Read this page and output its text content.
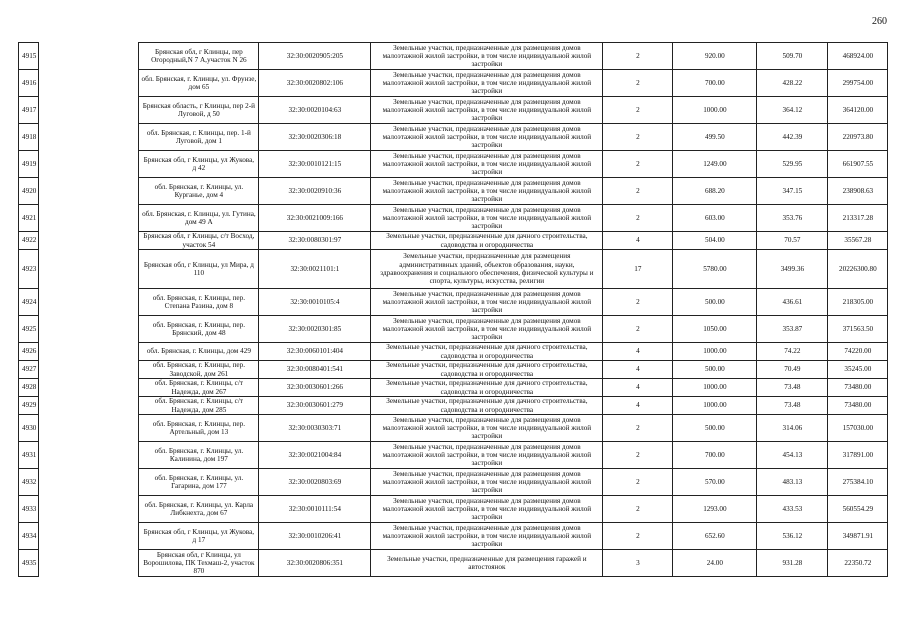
260
4915		Брянская обл, г Клинцы, пер Огородный,N 7 А,участок N 26	32:30:0020905:205	Земельные участки, предназначенные для размещения домов малоэтажной жилой застройки, в том числе индивидуальной жилой застройки	2	920.00	509.70	468924.00
4916		обл. Брянская, г. Клинцы, ул. Фрунзе, дом 65	32:30:0020802:106	Земельные участки, предназначенные для размещения домов малоэтажной жилой застройки, в том числе индивидуальной жилой застройки	2	700.00	428.22	299754.00
4917		Брянская область, г Клинцы, пер 2-й Луговой, д 50	32:30:0020104:63	Земельные участки, предназначенные для размещения домов малоэтажной жилой застройки, в том числе индивидуальной жилой застройки	2	1000.00	364.12	364120.00
4918		обл. Брянская, г. Клинцы, пер. 1-й Луговой, дом 1	32:30:0020306:18	Земельные участки, предназначенные для размещения домов малоэтажной жилой застройки, в том числе индивидуальной жилой застройки	2	499.50	442.39	220973.80
4919		Брянская обл, г Клинцы, ул Жукова, д 42	32:30:0010121:15	Земельные участки, предназначенные для размещения домов малоэтажной жилой застройки, в том числе индивидуальной жилой застройки	2	1249.00	529.95	661907.55
4920		обл. Брянская, г. Клинцы, ул. Курганье, дом 4	32:30:0020910:36	Земельные участки, предназначенные для размещения домов малоэтажной жилой застройки, в том числе индивидуальной жилой застройки	2	688.20	347.15	238908.63
4921		обл. Брянская, г. Клинцы, ул. Гутина, дом 49 А	32:30:0021009:166	Земельные участки, предназначенные для размещения домов малоэтажной жилой застройки, в том числе индивидуальной жилой застройки	2	603.00	353.76	213317.28
4922		Брянская обл, г Клинцы, с/т Восход, участок 54	32:30:0080301:97	Земельные участки, предназначенные для дачного строительства, садоводства и огородничества	4	504.00	70.57	35567.28
4923		Брянская обл, г Клинцы, ул Мира, д 110	32:30:0021101:1	Земельные участки, предназначенные для размещения административных зданий, объектов образования, науки, здравоохранения и социального обеспечения, физической культуры и спорта, культуры, искусства, религии	17	5780.00	3499.36	20226300.80
4924		обл. Брянская, г. Клинцы, пер. Степана Разина, дом 8	32:30:0010105:4	Земельные участки, предназначенные для размещения домов малоэтажной жилой застройки, в том числе индивидуальной жилой застройки	2	500.00	436.61	218305.00
4925		обл. Брянская, г. Клинцы, пер. Брянский, дом 48	32:30:0020301:85	Земельные участки, предназначенные для размещения домов малоэтажной жилой застройки, в том числе индивидуальной жилой застройки	2	1050.00	353.87	371563.50
4926		обл. Брянская, г. Клинцы, дом 429	32:30:0060101:404	Земельные участки, предназначенные для дачного строительства, садоводства и огородничества	4	1000.00	74.22	74220.00
4927		обл. Брянская, г. Клинцы, пер. Заводской, дом 261	32:30:0080401:541	Земельные участки, предназначенные для дачного строительства, садоводства и огородничества	4	500.00	70.49	35245.00
4928		обл. Брянская, г. Клинцы, с/т Надежда, дом 267	32:30:0030601:266	Земельные участки, предназначенные для дачного строительства, садоводства и огородничества	4	1000.00	73.48	73480.00
4929		обл. Брянская, г. Клинцы, с/т Надежда, дом 285	32:30:0030601:279	Земельные участки, предназначенные для дачного строительства, садоводства и огородничества	4	1000.00	73.48	73480.00
4930		обл. Брянская, г. Клинцы, пер. Артельный, дом 13	32:30:0030303:71	Земельные участки, предназначенные для размещения домов малоэтажной жилой застройки, в том числе индивидуальной жилой застройки	2	500.00	314.06	157030.00
4931		обл. Брянская, г. Клинцы, ул. Калинина, дом 197	32:30:0021004:84	Земельные участки, предназначенные для размещения домов малоэтажной жилой застройки, в том числе индивидуальной жилой застройки	2	700.00	454.13	317891.00
4932		обл. Брянская, г. Клинцы, ул. Гагарина, дом 177	32:30:0020803:69	Земельные участки, предназначенные для размещения домов малоэтажной жилой застройки, в том числе индивидуальной жилой застройки	2	570.00	483.13	275384.10
4933		обл. Брянская, г. Клинцы, ул. Карла Либкнехта, дом 67	32:30:0010111:54	Земельные участки, предназначенные для размещения домов малоэтажной жилой застройки, в том числе индивидуальной жилой застройки	2	1293.00	433.53	560554.29
4934		Брянская обл, г Клинцы, ул Жукова, д 17	32:30:0010206:41	Земельные участки, предназначенные для размещения домов малоэтажной жилой застройки, в том числе индивидуальной жилой застройки	2	652.60	536.12	349871.91
4935		Брянская обл, г Клинцы, ул Ворошилова, ПК Техмаш-2, участок 870	32:30:0020806:351	Земельные участки, предназначенные для размещения гаражей и автостоянок	3	24.00	931.28	22350.72
